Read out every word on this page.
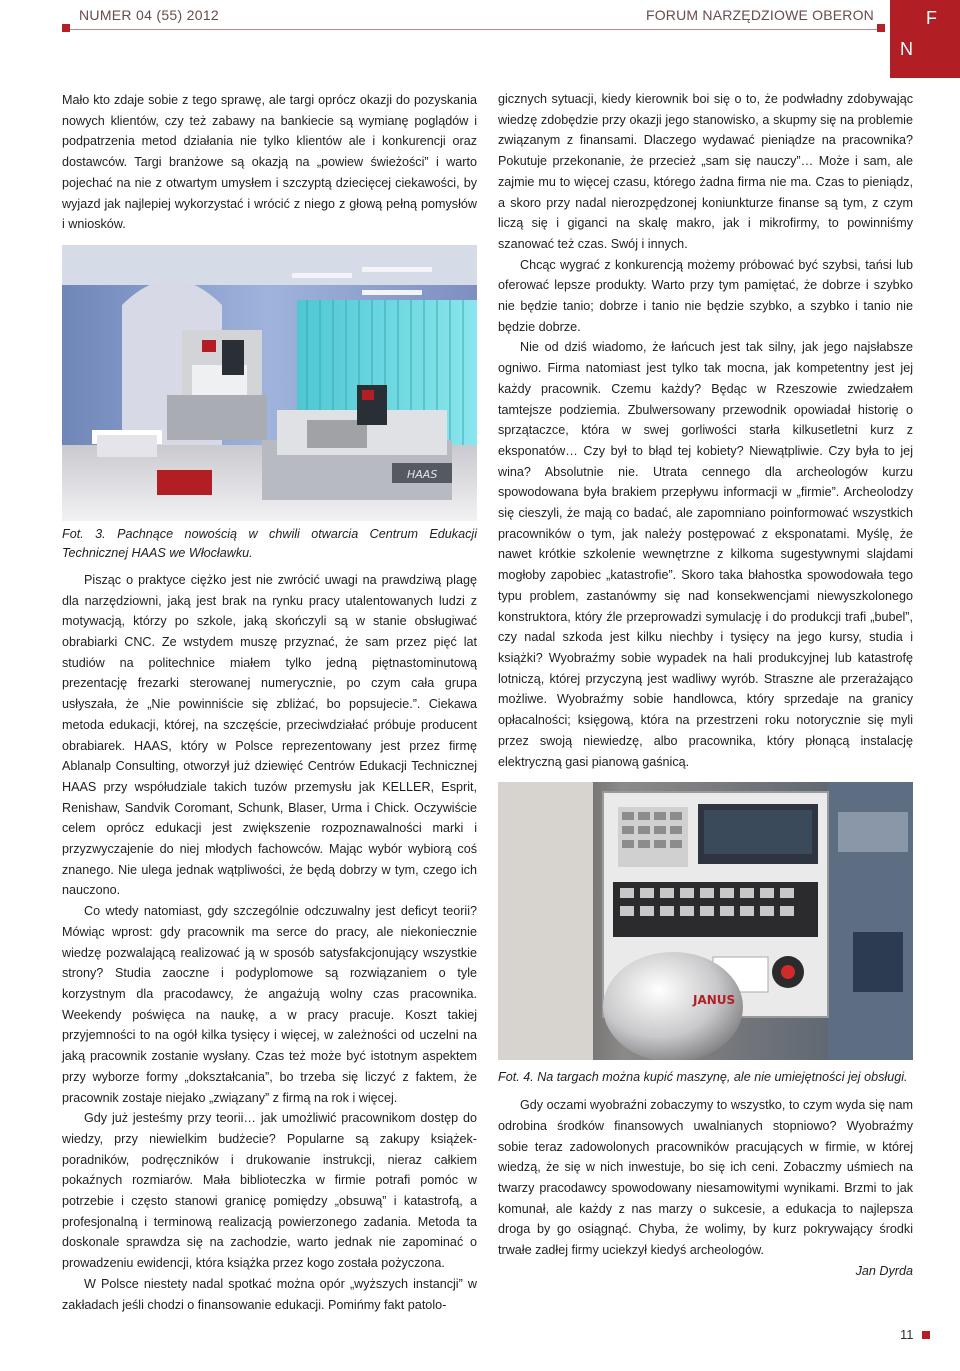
NUMER 04 (55) 2012	FORUM NARZĘDZIOWE OBERON	F
N

Mało kto zdaje sobie z tego sprawę, ale targi oprócz okazji do pozyskania nowych klientów, czy też zabawy na bankiecie są wymianę poglądów i podpatrzenia metod działania nie tylko klientów ale i konkurencji oraz dostawców. Targi branżowe są okazją na „powiew świeżości” i warto pojechać na nie z otwartym umysłem i szczyptą dziecięcej ciekawości, by wyjazd jak najlepiej wykorzystać i wrócić z niego z głową pełną pomysłów i wniosków.

HAAS

Fot. 3. Pachnące nowością w chwili otwarcia Centrum Edukacji Technicznej HAAS we Włocławku.

Pisząc o praktyce ciężko jest nie zwrócić uwagi na prawdziwą plagę dla narzędziowni, jaką jest brak na rynku pracy utalentowanych ludzi z motywacją, którzy po szkole, jaką skończyli są w stanie obsługiwać obrabiarki CNC. Ze wstydem muszę przyznać, że sam przez pięć lat studiów na politechnice miałem tylko jedną piętnastominutową prezentację frezarki sterowanej numerycznie, po czym cała grupa usłyszała, że „Nie powinniście się zbliżać, bo popsujecie.”. Ciekawa metoda edukacji, której, na szczęście, przeciwdziałać próbuje producent obrabiarek. HAAS, który w Polsce reprezentowany jest przez firmę Ablanalp Consulting, otworzył już dziewięć Centrów Edukacji Technicznej HAAS przy współudziale takich tuzów przemysłu jak KELLER, Esprit, Renishaw, Sandvik Coromant, Schunk, Blaser, Urma i Chick. Oczywiście celem oprócz edukacji jest zwiększenie rozpoznawalności marki i przyzwyczajenie do niej młodych fachowców. Mając wybór wybiorą coś znanego. Nie ulega jednak wątpliwości, że będą dobrzy w tym, czego ich nauczono.

Co wtedy natomiast, gdy szczególnie odczuwalny jest deficyt teorii? Mówiąc wprost: gdy pracownik ma serce do pracy, ale niekoniecznie wiedzę pozwalającą realizować ją w sposób satysfakcjonujący wszystkie strony? Studia zaoczne i podyplomowe są rozwiązaniem o tyle korzystnym dla pracodawcy, że angażują wolny czas pracownika. Weekendy poświęca na naukę, a w pracy pracuje. Koszt takiej przyjemności to na ogół kilka tysięcy i więcej, w zależności od uczelni na jaką pracownik zostanie wysłany. Czas też może być istotnym aspektem przy wyborze formy „dokształcania”, bo trzeba się liczyć z faktem, że pracownik zostaje niejako „związany” z firmą na rok i więcej.

Gdy już jesteśmy przy teorii… jak umożliwić pracownikom dostęp do wiedzy, przy niewielkim budżecie? Popularne są zakupy książek-poradników, podręczników i drukowanie instrukcji, nieraz całkiem pokaźnych rozmiarów. Mała biblioteczka w firmie potrafi pomóc w potrzebie i często stanowi granicę pomiędzy „obsuwą” i katastrofą, a profesjonalną i terminową realizacją powierzonego zadania. Metoda ta doskonale sprawdza się na zachodzie, warto jednak nie zapominać o prowadzeniu ewidencji, która książka przez kogo została pożyczona.

W Polsce niestety nadal spotkać można opór „wyższych instancji” w zakładach jeśli chodzi o finansowanie edukacji. Pomińmy fakt patolo-

gicznych sytuacji, kiedy kierownik boi się o to, że podwładny zdobywając wiedzę zdobędzie przy okazji jego stanowisko, a skupmy się na problemie związanym z finansami. Dlaczego wydawać pieniądze na pracownika? Pokutuje przekonanie, że przecież „sam się nauczy”… Może i sam, ale zajmie mu to więcej czasu, którego żadna firma nie ma. Czas to pieniądz, a skoro przy nadal nierozpędzonej koniunkturze finanse są tym, z czym liczą się i giganci na skalę makro, jak i mikrofirmy, to powinniśmy szanować też czas. Swój i innych.

Chcąc wygrać z konkurencją możemy próbować być szybsi, tańsi lub oferować lepsze produkty. Warto przy tym pamiętać, że dobrze i szybko nie będzie tanio; dobrze i tanio nie będzie szybko, a szybko i tanio nie będzie dobrze.

Nie od dziś wiadomo, że łańcuch jest tak silny, jak jego najsłabsze ogniwo. Firma natomiast jest tylko tak mocna, jak kompetentny jest jej każdy pracownik. Czemu każdy? Będąc w Rzeszowie zwiedzałem tamtejsze podziemia. Zbulwersowany przewodnik opowiadał historię o sprzątaczce, która w swej gorliwości starła kilkusetletni kurz z eksponatów… Czy był to błąd tej kobiety? Niewątpliwie. Czy była to jej wina? Absolutnie nie. Utrata cennego dla archeologów kurzu spowodowana była brakiem przepływu informacji w „firmie”. Archeolodzy się cieszyli, że mają co badać, ale zapomniano poinformować wszystkich pracowników o tym, jak należy postępować z eksponatami. Myślę, że nawet krótkie szkolenie wewnętrzne z kilkoma sugestywnymi slajdami mogłoby zapobiec „katastrofie”. Skoro taka błahostka spowodowała tego typu problem, zastanówmy się nad konsekwencjami niewyszkolonego konstruktora, który źle przeprowadzi symulację i do produkcji trafi „bubel”, czy nadal szkoda jest kilku niechby i tysięcy na jego kursy, studia i książki? Wyobraźmy sobie wypadek na hali produkcyjnej lub katastrofę lotniczą, której przyczyną jest wadliwy wyrób. Straszne ale przerażająco możliwe. Wyobraźmy sobie handlowca, który sprzedaje na granicy opłacalności; księgową, która na przestrzeni roku notorycznie się myli przez swoją niewiedzę, albo pracownika, który płonącą instalację elektryczną gasi pianową gaśnicą.

JANUS

Fot. 4. Na targach można kupić maszynę, ale nie umiejętności jej obsługi.

Gdy oczami wyobraźni zobaczymy to wszystko, to czym wyda się nam odrobina środków finansowych uwalnianych stopniowo? Wyobraźmy sobie teraz zadowolonych pracowników pracujących w firmie, w której wiedzą, że się w nich inwestuje, bo się ich ceni. Zobaczmy uśmiech na twarzy pracodawcy spowodowany niesamowitymi wynikami. Brzmi to jak komunał, ale każdy z nas marzy o sukcesie, a edukacja to najlepsza droga by go osiągnąć. Chyba, że wolimy, by kurz pokrywający środki trwałe zadłej firmy uciekzył kiedyś archeologów.

Jan Dyrda

11
